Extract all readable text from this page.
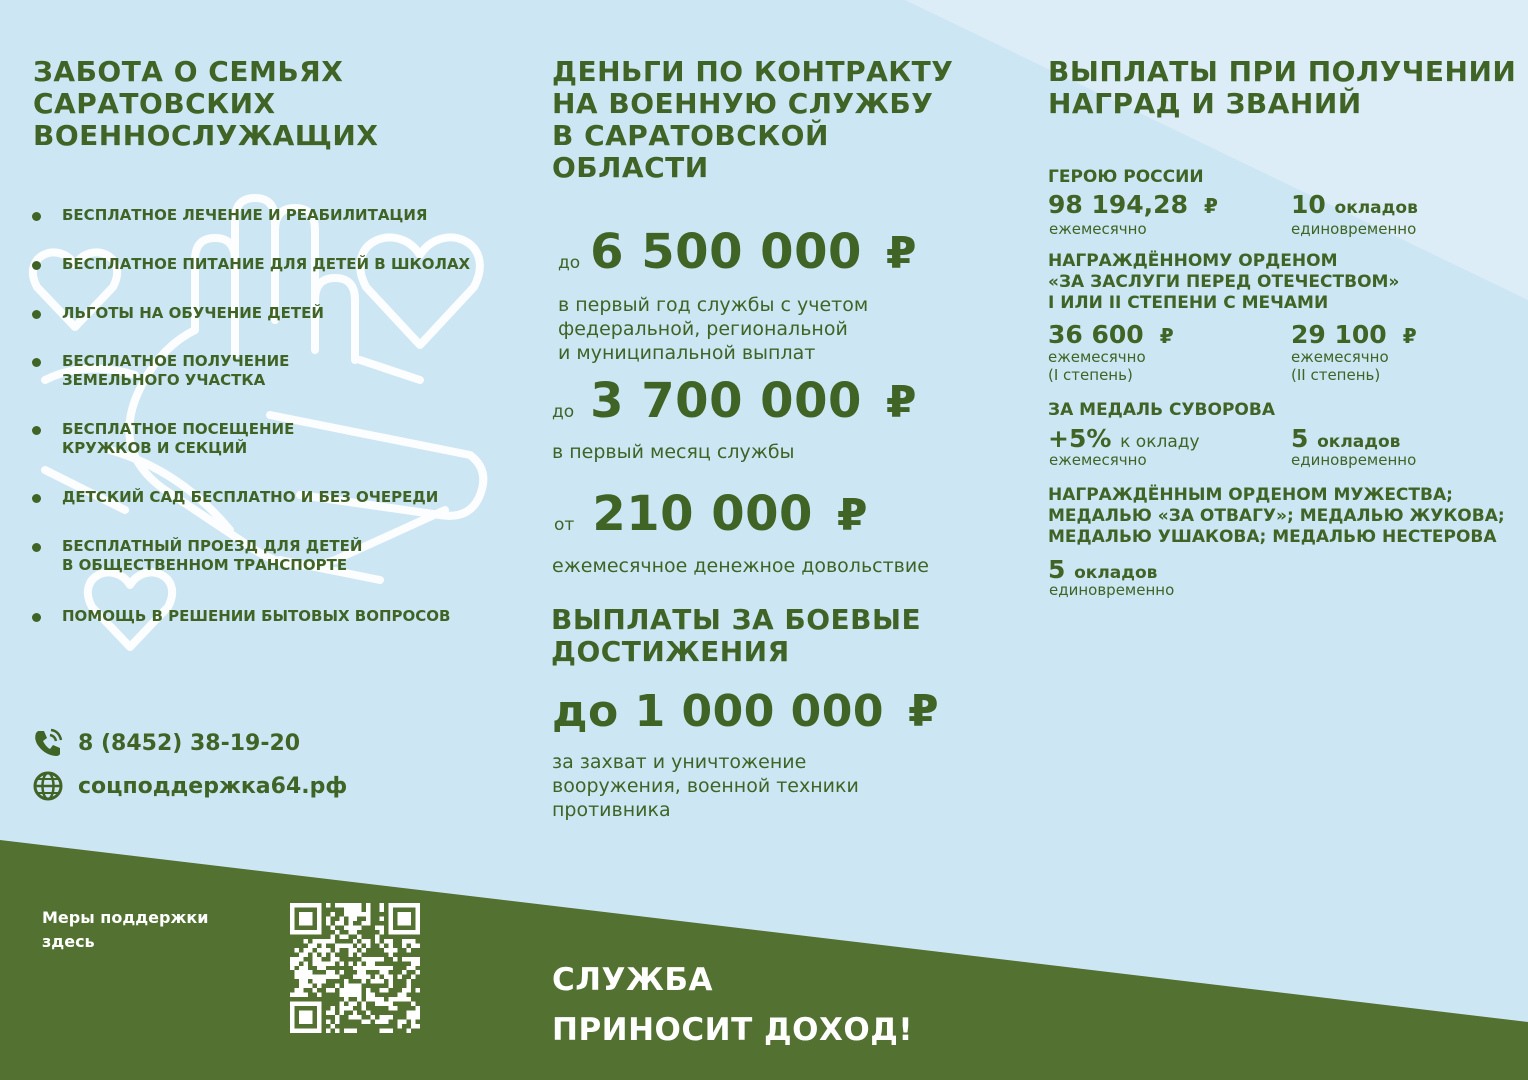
ЗАБОТА О СЕМЬЯХ
САРАТОВСКИХ
ВОЕННОСЛУЖАЩИХ
БЕСПЛАТНОЕ ЛЕЧЕНИЕ И РЕАБИЛИТАЦИЯ
БЕСПЛАТНОЕ ПИТАНИЕ ДЛЯ ДЕТЕЙ В ШКОЛАХ
ЛЬГОТЫ НА ОБУЧЕНИЕ ДЕТЕЙ
БЕСПЛАТНОЕ ПОЛУЧЕНИЕ
ЗЕМЕЛЬНОГО УЧАСТКА
БЕСПЛАТНОЕ ПОСЕЩЕНИЕ
КРУЖКОВ И СЕКЦИЙ
ДЕТСКИЙ САД БЕСПЛАТНО И БЕЗ ОЧЕРЕДИ
БЕСПЛАТНЫЙ ПРОЕЗД ДЛЯ ДЕТЕЙ
В ОБЩЕСТВЕННОМ ТРАНСПОРТЕ
ПОМОЩЬ В РЕШЕНИИ БЫТОВЫХ ВОПРОСОВ
8 (8452) 38-19-20
соцподдержка64.рф
ДЕНЬГИ ПО КОНТРАКТУ
НА ВОЕННУЮ СЛУЖБУ
В САРАТОВСКОЙ
ОБЛАСТИ
до 6 500 000 ₽
в первый год службы с учетом
федеральной, региональной
и муниципальной выплат
до 3 700 000 ₽
в первый месяц службы
от 210 000 ₽
ежемесячное денежное довольствие
ВЫПЛАТЫ ЗА БОЕВЫЕ
ДОСТИЖЕНИЯ
до 1 000 000 ₽
за захват и уничтожение
вооружения, военной техники
противника
ВЫПЛАТЫ ПРИ ПОЛУЧЕНИИ
НАГРАД И ЗВАНИЙ
ГЕРОЮ РОССИИ
98 194,28 ₽
ежемесячно
10 окладов
единовременно
НАГРАЖДЁННОМУ ОРДЕНОМ
«ЗА ЗАСЛУГИ ПЕРЕД ОТЕЧЕСТВОМ»
I ИЛИ II СТЕПЕНИ С МЕЧАМИ
36 600 ₽
ежемесячно
(I степень)
29 100 ₽
ежемесячно
(II степень)
ЗА МЕДАЛЬ СУВОРОВА
+5% к окладу
ежемесячно
5 окладов
единовременно
НАГРАЖДЁННЫМ ОРДЕНОМ МУЖЕСТВА;
МЕДАЛЬЮ «ЗА ОТВАГУ»; МЕДАЛЬЮ ЖУКОВА;
МЕДАЛЬЮ УШАКОВА; МЕДАЛЬЮ НЕСТЕРОВА
5 окладов
единовременно
Меры поддержки
здесь
СЛУЖБА
ПРИНОСИТ ДОХОД!
